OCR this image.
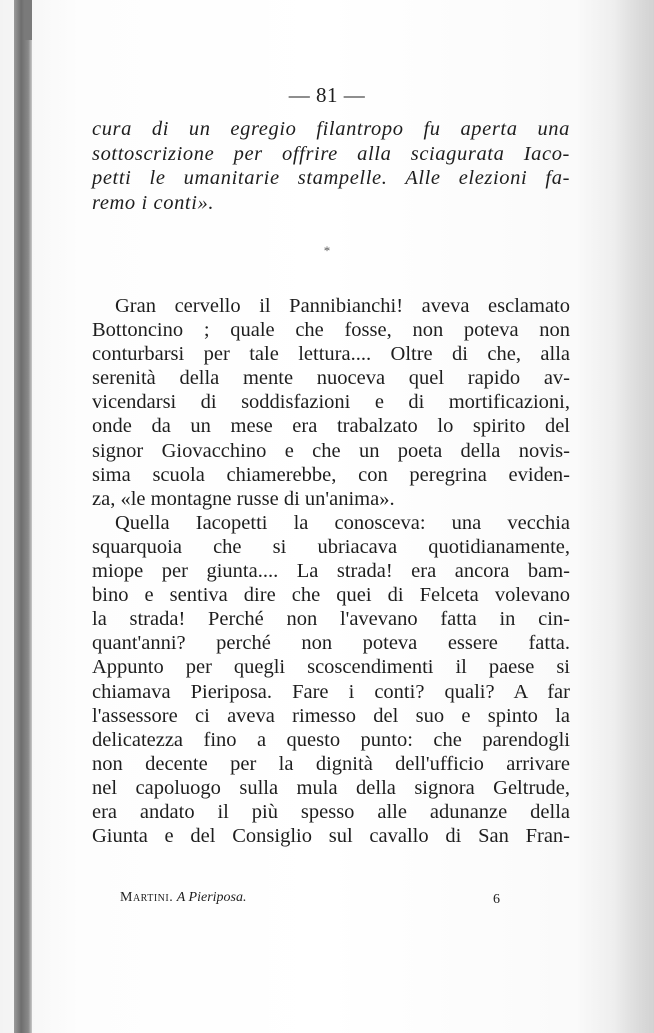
— 81 —
cura di un egregio filantropo fu aperta una
sottoscrizione per offrire alla sciagurata Iaco-
petti le umanitarie stampelle. Alle elezioni fa-
remo i conti».
*
Gran cervello il Pannibianchi! aveva esclamato
Bottoncino ; quale che fosse, non poteva non
conturbarsi per tale lettura.... Oltre di che, alla
serenità della mente nuoceva quel rapido av-
vicendarsi di soddisfazioni e di mortificazioni,
onde da un mese era trabalzato lo spirito del
signor Giovacchino e che un poeta della novis-
sima scuola chiamerebbe, con peregrina eviden-
za, «le montagne russe di un'anima».
Quella Iacopetti la conosceva: una vecchia
squarquoia che si ubriacava quotidianamente,
miope per giunta.... La strada! era ancora bam-
bino e sentiva dire che quei di Felceta volevano
la strada! Perché non l'avevano fatta in cin-
quant'anni? perché non poteva essere fatta.
Appunto per quegli scoscendimenti il paese si
chiamava Pieriposa. Fare i conti? quali? A far
l'assessore ci aveva rimesso del suo e spinto la
delicatezza fino a questo punto: che parendogli
non decente per la dignità dell'ufficio arrivare
nel capoluogo sulla mula della signora Geltrude,
era andato il più spesso alle adunanze della
Giunta e del Consiglio sul cavallo di San Fran-
Martini. A Pieriposa.	6
